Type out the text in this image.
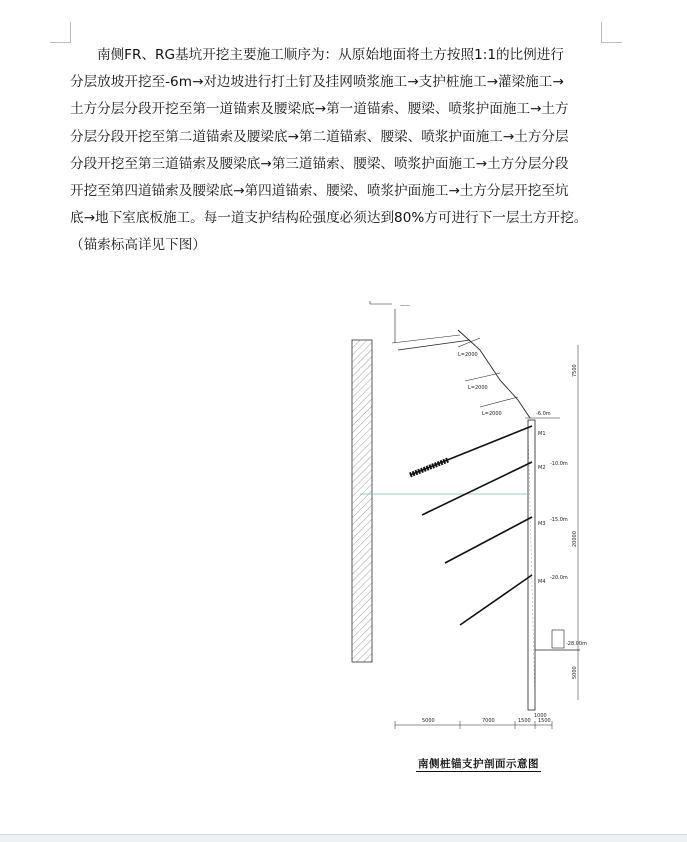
南侧FR、RG基坑开挖主要施工顺序为：从原始地面将土方按照1:1的比例进行
分层放坡开挖至-6m→对边坡进行打土钉及挂网喷浆施工→支护桩施工→灌梁施工→
土方分层分段开挖至第一道锚索及腰梁底→第一道锚索、腰梁、喷浆护面施工→土方
分层分段开挖至第二道锚索及腰梁底→第二道锚索、腰梁、喷浆护面施工→土方分层
分段开挖至第三道锚索及腰梁底→第三道锚索、腰梁、喷浆护面施工→土方分层分段
开挖至第四道锚索及腰梁底→第四道锚索、腰梁、喷浆护面施工→土方分层开挖至坑
底→地下室底板施工。每一道支护结构砼强度必须达到80%方可进行下一层土方开挖。
（锚索标高详见下图）
——
L=2000
L=2000
L=2000	-6.0m
M1
M2
M3
M4
-10.0m
-15.0m
-20.0m
-28.00m
7500
20000
5000
1000
5000	7000	1500 1500
南侧桩锚支护剖面示意图
